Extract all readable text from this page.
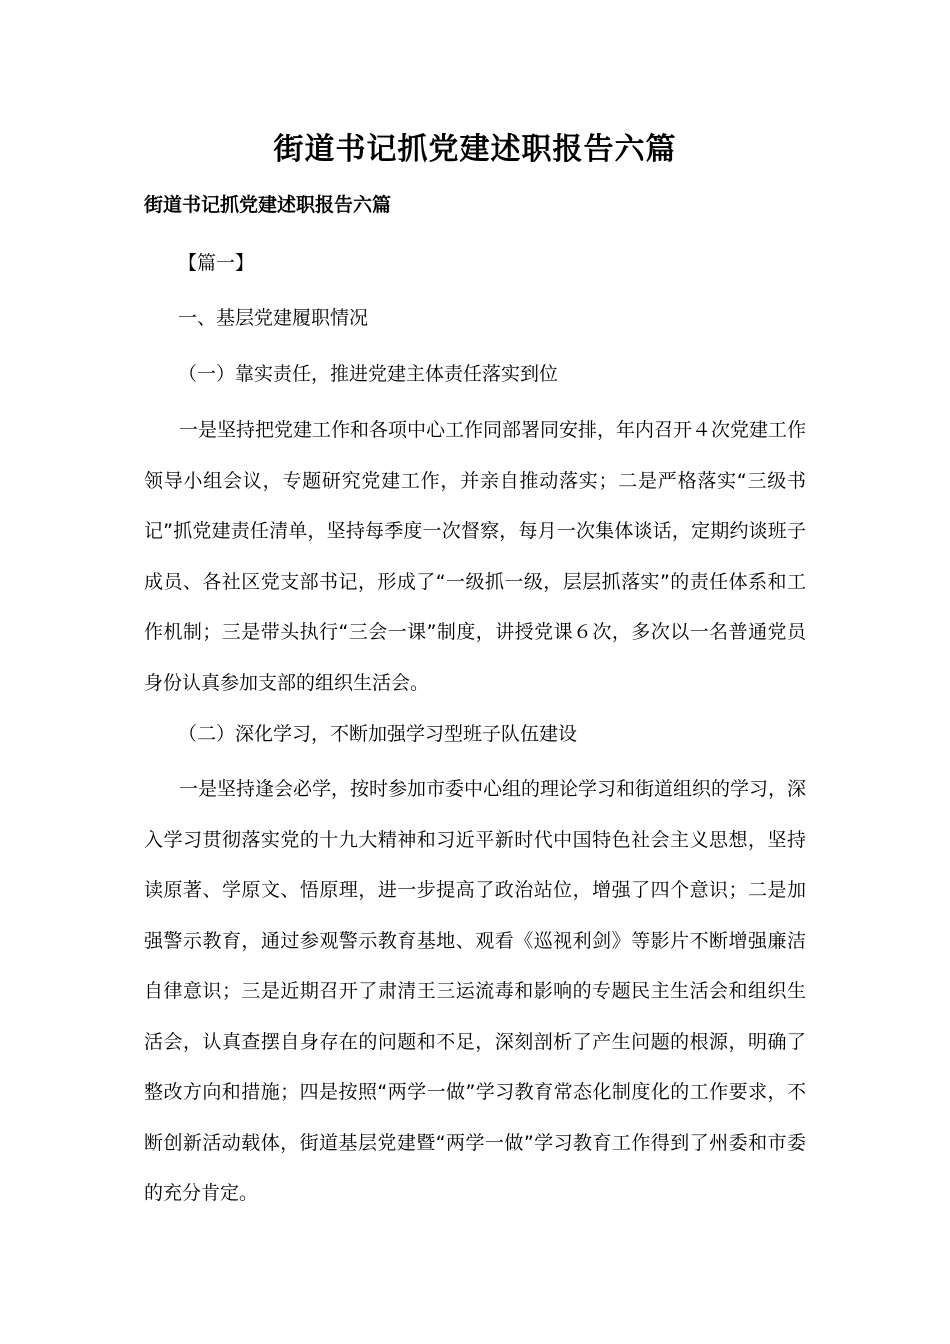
街道书记抓党建述职报告六篇
街道书记抓党建述职报告六篇
【篇一】
一、基层党建履职情况
（一）靠实责任，推进党建主体责任落实到位
一是坚持把党建工作和各项中心工作同部署同安排，年内召开４次党建工作领导小组会议，专题研究党建工作，并亲自推动落实；二是严格落实“三级书记”抓党建责任清单，坚持每季度一次督察，每月一次集体谈话，定期约谈班子成员、各社区党支部书记，形成了“一级抓一级，层层抓落实”的责任体系和工作机制；三是带头执行“三会一课”制度，讲授党课６次，多次以一名普通党员身份认真参加支部的组织生活会。
（二）深化学习，不断加强学习型班子队伍建设
一是坚持逢会必学，按时参加市委中心组的理论学习和街道组织的学习，深入学习贯彻落实党的十九大精神和习近平新时代中国特色社会主义思想，坚持读原著、学原文、悟原理，进一步提高了政治站位，增强了四个意识；二是加强警示教育，通过参观警示教育基地、观看《巡视利剑》等影片不断增强廉洁自律意识；三是近期召开了肃清王三运流毒和影响的专题民主生活会和组织生活会，认真查摆自身存在的问题和不足，深刻剖析了产生问题的根源，明确了整改方向和措施；四是按照“两学一做”学习教育常态化制度化的工作要求，不断创新活动载体，街道基层党建暨“两学一做”学习教育工作得到了州委和市委的充分肯定。
